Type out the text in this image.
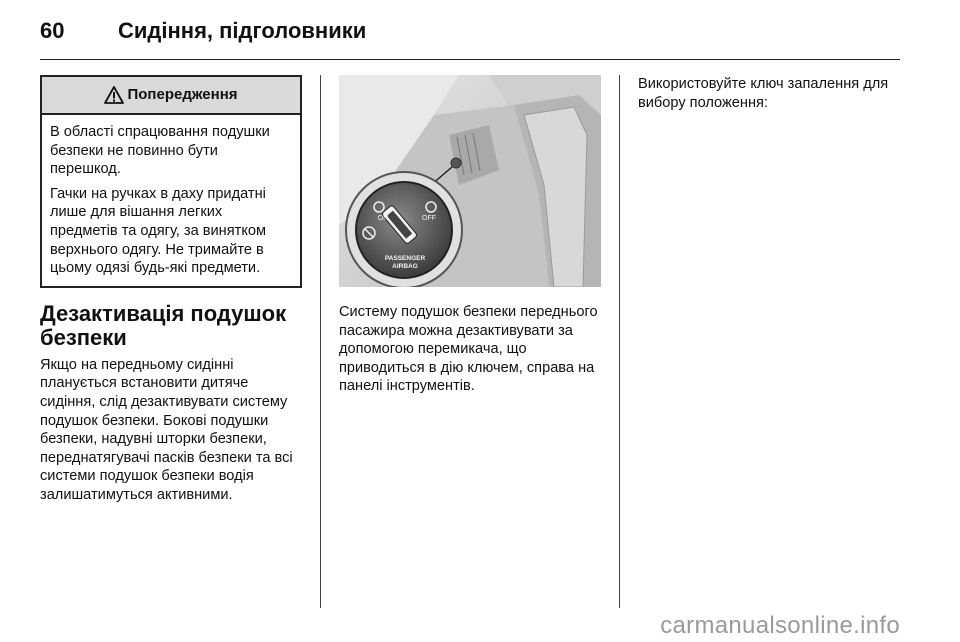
60	Сидіння, підголовники
Попередження

В області спрацювання подушки безпеки не повинно бути перешкод.

Гачки на ручках в даху придатні лише для вішання легких предметів та одягу, за винятком верхнього одягу. Не тримайте в цьому одязі будь-які предмети.

Дезактивація подушок безпеки

Якщо на передньому сидінні планується встановити дитяче сидіння, слід дезактивувати систему подушок безпеки. Бокові подушки безпеки, надувні шторки безпеки, переднатягувачі пасків безпеки та всі системи подушок безпеки водія залишатимуться активними.

ON	OFF
PASSENGER
AIRBAG

Систему подушок безпеки переднього пасажира можна дезактивувати за допомогою перемикача, що приводиться в дію ключем, справа на панелі інструментів.

Використовуйте ключ запалення для вибору положення:

carmanualsonline.info
